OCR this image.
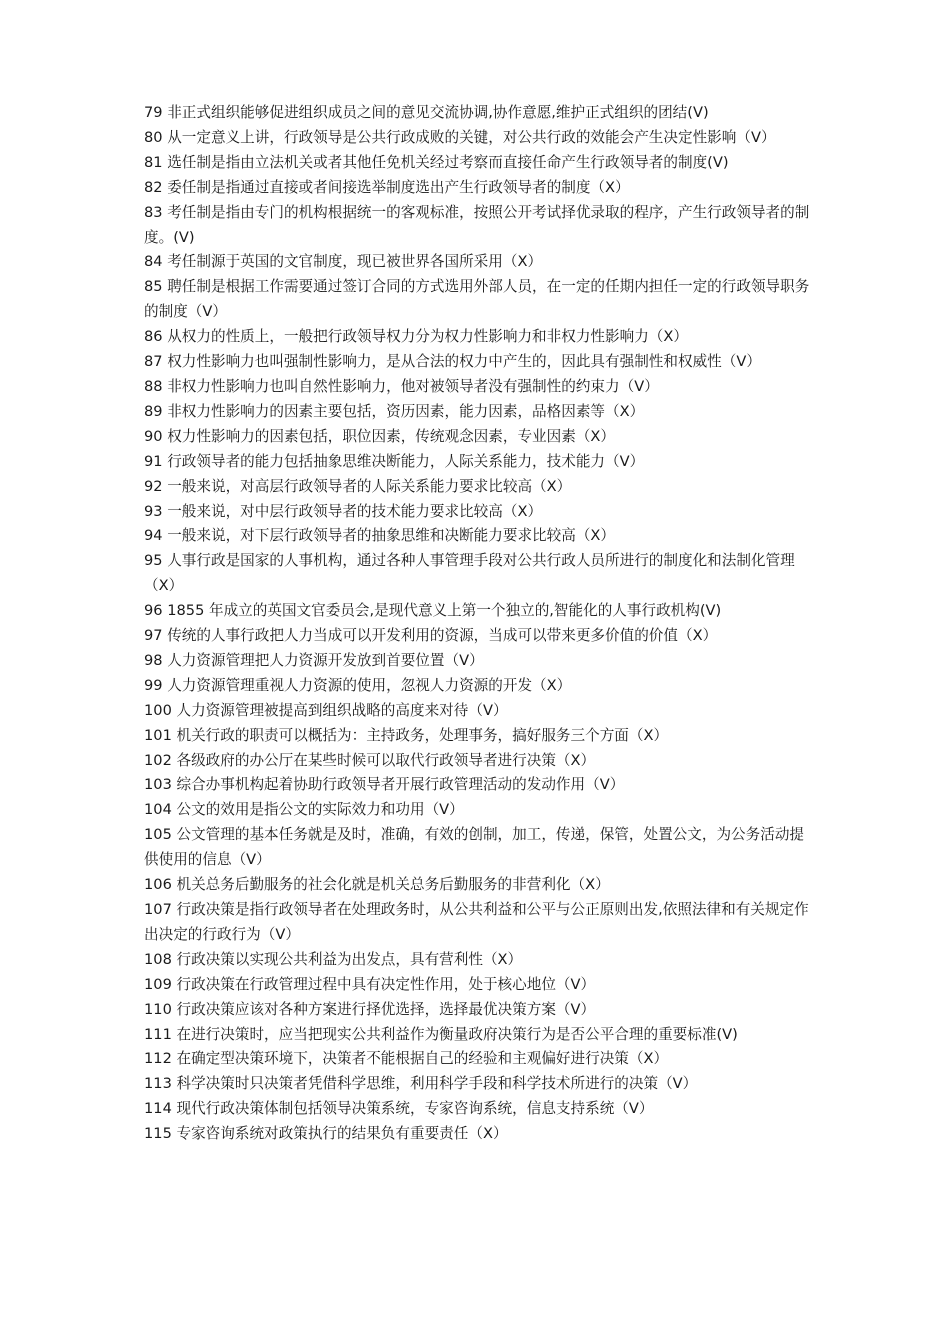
79 非正式组织能够促进组织成员之间的意见交流协调,协作意愿,维护正式组织的团结(V)

80 从一定意义上讲，行政领导是公共行政成败的关键，对公共行政的效能会产生决定性影响（V）

81 选任制是指由立法机关或者其他任免机关经过考察而直接任命产生行政领导者的制度(V)

82 委任制是指通过直接或者间接选举制度选出产生行政领导者的制度（X）

83 考任制是指由专门的机构根据统一的客观标准，按照公开考试择优录取的程序，产生行政领导者的制度。(V)

84 考任制源于英国的文官制度，现已被世界各国所采用（X）

85 聘任制是根据工作需要通过签订合同的方式选用外部人员，在一定的任期内担任一定的行政领导职务的制度（V）

86 从权力的性质上，一般把行政领导权力分为权力性影响力和非权力性影响力（X）

87 权力性影响力也叫强制性影响力，是从合法的权力中产生的，因此具有强制性和权威性（V）

88 非权力性影响力也叫自然性影响力，他对被领导者没有强制性的约束力（V）

89 非权力性影响力的因素主要包括，资历因素，能力因素，品格因素等（X）

90 权力性影响力的因素包括，职位因素，传统观念因素，专业因素（X）

91 行政领导者的能力包括抽象思维决断能力，人际关系能力，技术能力（V）

92 一般来说，对高层行政领导者的人际关系能力要求比较高（X）

93 一般来说，对中层行政领导者的技术能力要求比较高（X）

94 一般来说，对下层行政领导者的抽象思维和决断能力要求比较高（X）

95 人事行政是国家的人事机构，通过各种人事管理手段对公共行政人员所进行的制度化和法制化管理（X）

96 1855 年成立的英国文官委员会,是现代意义上第一个独立的,智能化的人事行政机构(V)

97 传统的人事行政把人力当成可以开发利用的资源，当成可以带来更多价值的价值（X）

98 人力资源管理把人力资源开发放到首要位置（V）

99 人力资源管理重视人力资源的使用，忽视人力资源的开发（X）

100 人力资源管理被提高到组织战略的高度来对待（V）

101 机关行政的职责可以概括为：主持政务，处理事务，搞好服务三个方面（X）

102 各级政府的办公厅在某些时候可以取代行政领导者进行决策（X）

103 综合办事机构起着协助行政领导者开展行政管理活动的发动作用（V）

104 公文的效用是指公文的实际效力和功用（V）

105 公文管理的基本任务就是及时，准确，有效的创制，加工，传递，保管，处置公文，为公务活动提供使用的信息（V）

106 机关总务后勤服务的社会化就是机关总务后勤服务的非营利化（X）

107 行政决策是指行政领导者在处理政务时，从公共利益和公平与公正原则出发,依照法律和有关规定作出决定的行政行为（V）

108 行政决策以实现公共利益为出发点，具有营利性（X）

109 行政决策在行政管理过程中具有决定性作用，处于核心地位（V）

110 行政决策应该对各种方案进行择优选择，选择最优决策方案（V）

111 在进行决策时，应当把现实公共利益作为衡量政府决策行为是否公平合理的重要标准(V)

112 在确定型决策环境下，决策者不能根据自己的经验和主观偏好进行决策（X）

113 科学决策时只决策者凭借科学思维，利用科学手段和科学技术所进行的决策（V）

114 现代行政决策体制包括领导决策系统，专家咨询系统，信息支持系统（V）

115 专家咨询系统对政策执行的结果负有重要责任（X）
